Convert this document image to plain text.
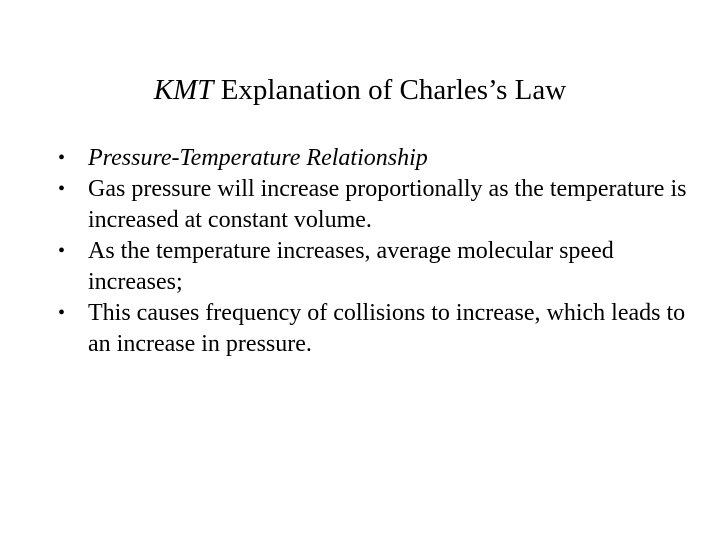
KMT Explanation of Charles’s Law
• Pressure-Temperature Relationship
• Gas pressure will increase proportionally as the temperature is increased at constant volume.
• As the temperature increases, average molecular speed increases;
• This causes frequency of collisions to increase, which leads to an increase in pressure.
